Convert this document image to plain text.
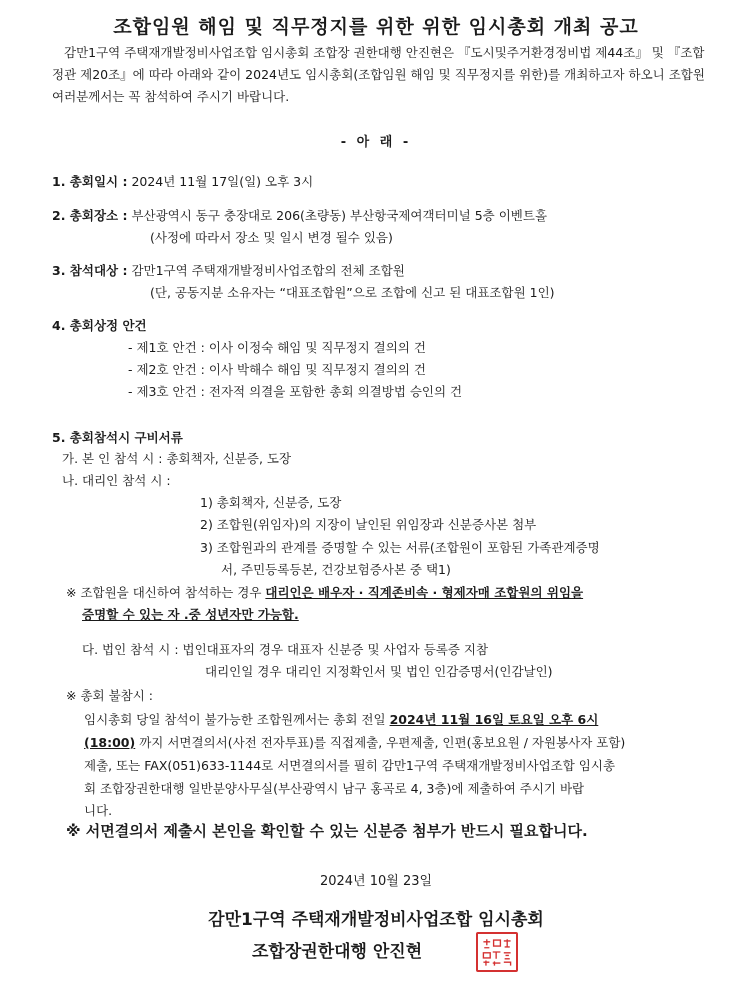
조합임원 해임 및 직무정지를 위한 위한 임시총회 개최 공고
감만1구역 주택재개발정비사업조합 임시총회 조합장 권한대행 안진현은 『도시및주거환경정비법 제44조』 및 『조합정관 제20조』에 따라 아래와 같이 2024년도 임시총회(조합임원 해임 및 직무정지를 위한)를 개최하고자 하오니 조합원 여러분께서는 꼭 참석하여 주시기 바랍니다.
- 아 래 -
1. 총회일시 : 2024년 11월 17일(일) 오후 3시
2. 총회장소 : 부산광역시 동구 충장대로 206(초량동) 부산항국제여객터미널 5층 이벤트홀
(사정에 따라서 장소 및 일시 변경 될수 있음)
3. 참석대상 : 감만1구역 주택재개발정비사업조합의 전체 조합원
(단, 공동지분 소유자는 “대표조합원”으로 조합에 신고 된 대표조합원 1인)
4. 총회상정 안건
- 제1호 안건 : 이사 이정숙 해임 및 직무정지 결의의 건
- 제2호 안건 : 이사 박해수 해임 및 직무정지 결의의 건
- 제3호 안건 : 전자적 의결을 포함한 총회 의결방법 승인의 건
5. 총회참석시 구비서류
가. 본 인 참석 시 : 총회책자, 신분증, 도장
나. 대리인 참석 시 :
1) 총회책자, 신분증, 도장
2) 조합원(위임자)의 지장이 날인된 위임장과 신분증사본 첨부
3) 조합원과의 관계를 증명할 수 있는 서류(조합원이 포함된 가족관계증명
서, 주민등록등본, 건강보험증사본 중 택1)
※ 조합원을 대신하여 참석하는 경우 대리인은 배우자 · 직계존비속 · 형제자매 조합원의 위임을
증명할 수 있는 자 .중 성년자만 가능함.
다. 법인 참석 시 : 법인대표자의 경우 대표자 신분증 및 사업자 등록증 지참
대리인일 경우 대리인 지정확인서 및 법인 인감증명서(인감날인)
※ 총회 불참시 :
임시총회 당일 참석이 불가능한 조합원께서는 총회 전일 2024년 11월 16일 토요일 오후 6시
(18:00) 까지 서면결의서(사전 전자투표)를 직접제출, 우편제출, 인편(홍보요원 / 자원봉사자 포함)
제출, 또는 FAX(051)633-1144로 서면결의서를 필히 감만1구역 주택재개발정비사업조합 임시총
회 조합장권한대행 일반분양사무실(부산광역시 남구 홍곡로 4, 3층)에 제출하여 주시기 바랍
니다.
※ 서면결의서 제출시 본인을 확인할 수 있는 신분증 첨부가 반드시 필요합니다.
2024년 10월 23일
감만1구역 주택재개발정비사업조합 임시총회
조합장권한대행 안진현
